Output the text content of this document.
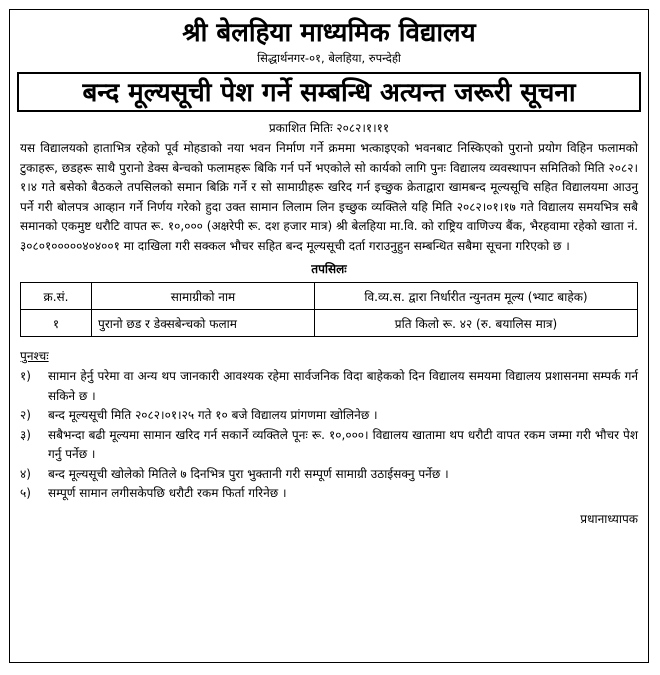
श्री बेलहिया माध्यमिक विद्यालय
सिद्धार्थनगर-०१, बेलहिया, रुपन्देही
बन्द मूल्यसूची पेश गर्ने सम्बन्धि अत्यन्त जरूरी सूचना
प्रकाशित मितिः २०८२।१।११
यस विद्यालयको हाताभित्र रहेको पूर्व मोहडाको नया भवन निर्माण गर्ने क्रममा भत्काइएको भवनबाट निस्किएको पुरानो प्रयोग विहिन फलामको टुकाहरू, छडहरू साथै पुरानो डेक्स बेन्चको फलामहरू बिकि गर्न पर्ने भएकोले सो कार्यको लागि पुनः विद्यालय व्यवस्थापन समितिको मिति २०८२।१।४ गते बसेको बैठकले तपसिलको समान बिक्रि गर्ने र सो सामाग्रीहरू खरिद गर्न इच्छुक क्रेताद्वारा खामबन्द मूल्यसूचि सहित विद्यालयमा आउनु पर्ने गरी बोलपत्र आव्हान गर्ने निर्णय गरेको हुदा उक्त सामान लिलाम लिन इच्छुक व्यक्तिले यहि मिति २०८२।०१।१७ गते विद्यालय समयभित्र सबै समानको एकमुष्ट धरौटि वापत रू. १०,००० (अक्षरेपी रू. दश हजार मात्र) श्री बेलहिया मा.वि. को राष्ट्रिय वाणिज्य बैंक, भैरहवामा रहेको खाता नं. ३०८०१०००००४०४००१ मा दाखिला गरी सक्कल भौचर सहित बन्द मूल्यसूची दर्ता गराउनुहुन सम्बन्धित सबैमा सूचना गरिएको छ ।
तपसिलः
क्र.सं.	सामाग्रीको नाम	वि.व्य.स. द्वारा निर्धारीत न्युनतम मूल्य (भ्याट बाहेक)
१	पुरानो छड र डेक्सबेन्चको फलाम	प्रति किलो रू. ४२ (रु. बयालिस मात्र)
पुनश्चः
१)	सामान हेर्नु परेमा वा अन्य थप जानकारी आवश्यक रहेमा सार्वजनिक विदा बाहेकको दिन विद्यालय समयमा विद्यालय प्रशासनमा सम्पर्क गर्न सकिने छ ।
२)	बन्द मूल्यसूची मिति २०८२।०१।२५ गते १० बजे विद्यालय प्रांगणमा खोलिनेछ ।
३)	सबैभन्दा बढी मूल्यमा सामान खरिद गर्न सकार्ने व्यक्तिले पूनः रू. १०,०००। विद्यालय खातामा थप धरौटी वापत रकम जम्मा गरी भौचर पेश गर्नु पर्नेछ ।
४)	बन्द मूल्यसूची खोलेको मितिले ७ दिनभित्र पुरा भुक्तानी गरी सम्पूर्ण सामाग्री उठाईसक्नु पर्नेछ ।
५)	सम्पूर्ण सामान लगीसकेपछि धरौटी रकम फिर्ता गरिनेछ ।
प्रधानाध्यापक
